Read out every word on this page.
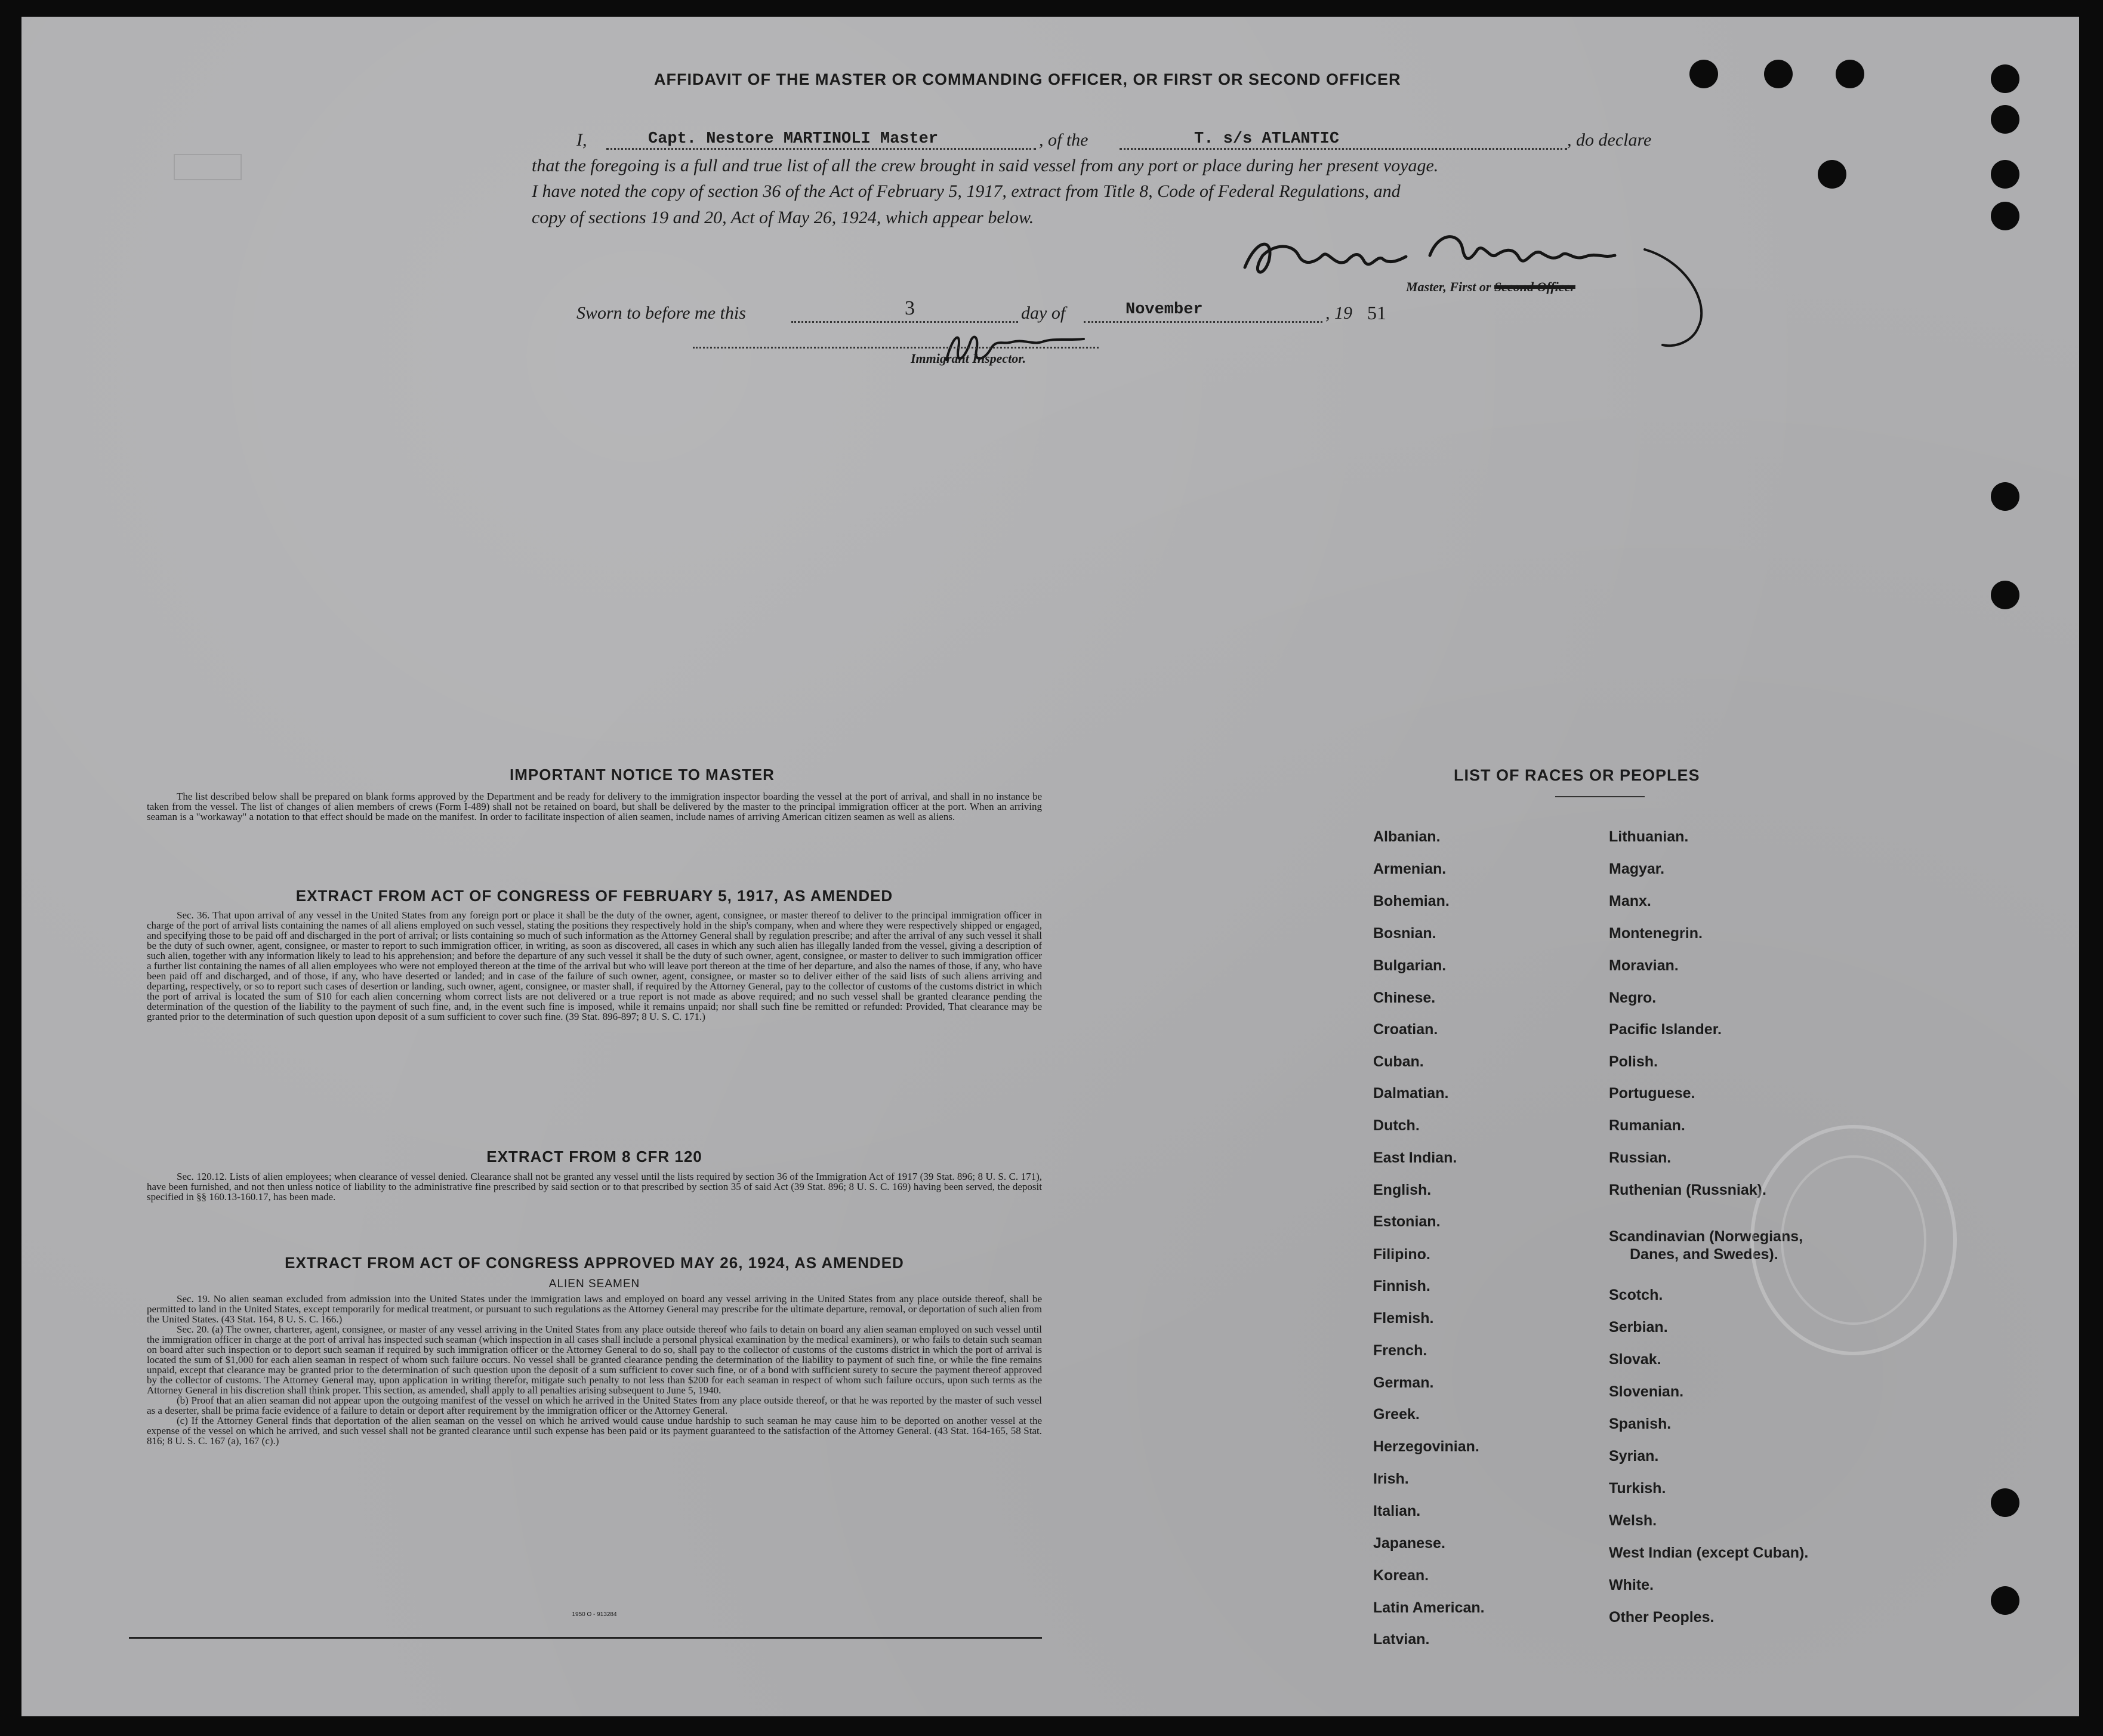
AFFIDAVIT OF THE MASTER OR COMMANDING OFFICER, OR FIRST OR SECOND OFFICER
I,	Capt. Nestore MARTINOLI Master	, of the	T. s/s ATLANTIC	, do declare
that the foregoing is a full and true list of all the crew brought in said vessel from any port or place during her present voyage.
I have noted the copy of section 36 of the Act of February 5, 1917, extract from Title 8, Code of Federal Regulations, and
copy of sections 19 and 20, Act of May 26, 1924, which appear below.
Master, First or Second Officer
Sworn to before me this	3	day of	November	, 19 51
Immigrant Inspector.
IMPORTANT NOTICE TO MASTER
The list described below shall be prepared on blank forms approved by the Department and be ready for delivery to the immigration inspector boarding the vessel at the port of arrival, and shall in no instance be taken from the vessel. The list of changes of alien members of crews (Form I-489) shall not be retained on board, but shall be delivered by the master to the principal immigration officer at the port. When an arriving seaman is a "workaway" a notation to that effect should be made on the manifest. In order to facilitate inspection of alien seamen, include names of arriving American citizen seamen as well as aliens.
EXTRACT FROM ACT OF CONGRESS OF FEBRUARY 5, 1917, AS AMENDED
Sec. 36. That upon arrival of any vessel in the United States from any foreign port or place it shall be the duty of the owner, agent, consignee, or master thereof to deliver to the principal immigration officer in charge of the port of arrival lists containing the names of all aliens employed on such vessel, stating the positions they respectively hold in the ship's company, when and where they were respectively shipped or engaged, and specifying those to be paid off and discharged in the port of arrival; or lists containing so much of such information as the Attorney General shall by regulation prescribe; and after the arrival of any such vessel it shall be the duty of such owner, agent, consignee, or master to report to such immigration officer, in writing, as soon as discovered, all cases in which any such alien has illegally landed from the vessel, giving a description of such alien, together with any information likely to lead to his apprehension; and before the departure of any such vessel it shall be the duty of such owner, agent, consignee, or master to deliver to such immigration officer a further list containing the names of all alien employees who were not employed thereon at the time of the arrival but who will leave port thereon at the time of her departure, and also the names of those, if any, who have been paid off and discharged, and of those, if any, who have deserted or landed; and in case of the failure of such owner, agent, consignee, or master so to deliver either of the said lists of such aliens arriving and departing, respectively, or so to report such cases of desertion or landing, such owner, agent, consignee, or master shall, if required by the Attorney General, pay to the collector of customs of the customs district in which the port of arrival is located the sum of $10 for each alien concerning whom correct lists are not delivered or a true report is not made as above required; and no such vessel shall be granted clearance pending the determination of the question of the liability to the payment of such fine, and, in the event such fine is imposed, while it remains unpaid; nor shall such fine be remitted or refunded: Provided, That clearance may be granted prior to the determination of such question upon deposit of a sum sufficient to cover such fine. (39 Stat. 896-897; 8 U. S. C. 171.)
EXTRACT FROM 8 CFR 120
Sec. 120.12. Lists of alien employees; when clearance of vessel denied. Clearance shall not be granted any vessel until the lists required by section 36 of the Immigration Act of 1917 (39 Stat. 896; 8 U. S. C. 171), have been furnished, and not then unless notice of liability to the administrative fine prescribed by said section or to that prescribed by section 35 of said Act (39 Stat. 896; 8 U. S. C. 169) having been served, the deposit specified in §§ 160.13-160.17, has been made.
EXTRACT FROM ACT OF CONGRESS APPROVED MAY 26, 1924, AS AMENDED
ALIEN SEAMEN
Sec. 19. No alien seaman excluded from admission into the United States under the immigration laws and employed on board any vessel arriving in the United States from any place outside thereof, shall be permitted to land in the United States, except temporarily for medical treatment, or pursuant to such regulations as the Attorney General may prescribe for the ultimate departure, removal, or deportation of such alien from the United States. (43 Stat. 164, 8 U. S. C. 166.)
Sec. 20. (a) The owner, charterer, agent, consignee, or master of any vessel arriving in the United States from any place outside thereof who fails to detain on board any alien seaman employed on such vessel until the immigration officer in charge at the port of arrival has inspected such seaman (which inspection in all cases shall include a personal physical examination by the medical examiners), or who fails to detain such seaman on board after such inspection or to deport such seaman if required by such immigration officer or the Attorney General to do so, shall pay to the collector of customs of the customs district in which the port of arrival is located the sum of $1,000 for each alien seaman in respect of whom such failure occurs. No vessel shall be granted clearance pending the determination of the liability to payment of such fine, or while the fine remains unpaid, except that clearance may be granted prior to the determination of such question upon the deposit of a sum sufficient to cover such fine, or of a bond with sufficient surety to secure the payment thereof approved by the collector of customs. The Attorney General may, upon application in writing therefor, mitigate such penalty to not less than $200 for each seaman in respect of whom such failure occurs, upon such terms as the Attorney General in his discretion shall think proper. This section, as amended, shall apply to all penalties arising subsequent to June 5, 1940.
(b) Proof that an alien seaman did not appear upon the outgoing manifest of the vessel on which he arrived in the United States from any place outside thereof, or that he was reported by the master of such vessel as a deserter, shall be prima facie evidence of a failure to detain or deport after requirement by the immigration officer or the Attorney General.
(c) If the Attorney General finds that deportation of the alien seaman on the vessel on which he arrived would cause undue hardship to such seaman he may cause him to be deported on another vessel at the expense of the vessel on which he arrived, and such vessel shall not be granted clearance until such expense has been paid or its payment guaranteed to the satisfaction of the Attorney General. (43 Stat. 164-165, 58 Stat. 816; 8 U. S. C. 167 (a), 167 (c).)
1950 O - 913284
LIST OF RACES OR PEOPLES
Albanian.
Armenian.
Bohemian.
Bosnian.
Bulgarian.
Chinese.
Croatian.
Cuban.
Dalmatian.
Dutch.
East Indian.
English.
Estonian.
Filipino.
Finnish.
Flemish.
French.
German.
Greek.
Herzegovinian.
Irish.
Italian.
Japanese.
Korean.
Latin American.
Latvian.
Lithuanian.
Magyar.
Manx.
Montenegrin.
Moravian.
Negro.
Pacific Islander.
Polish.
Portuguese.
Rumanian.
Russian.
Ruthenian (Russniak).
Scandinavian (Norwegians,
Danes, and Swedes).
Scotch.
Serbian.
Slovak.
Slovenian.
Spanish.
Syrian.
Turkish.
Welsh.
West Indian (except Cuban).
White.
Other Peoples.
